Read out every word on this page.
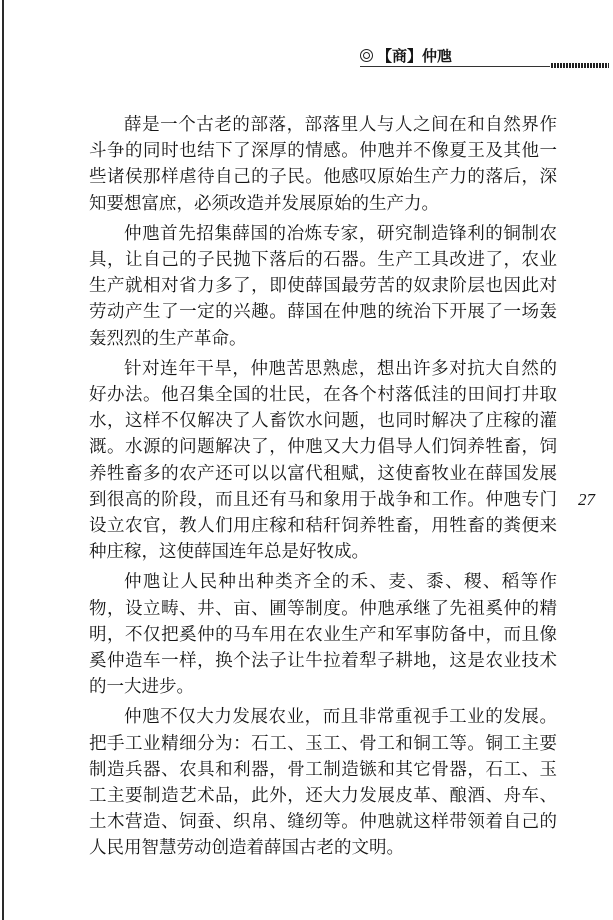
【商】仲虺

薛是一个古老的部落，部落里人与人之间在和自然界作斗争的同时也结下了深厚的情感。仲虺并不像夏王及其他一些诸侯那样虐待自己的子民。他感叹原始生产力的落后，深知要想富庶，必须改造并发展原始的生产力。

仲虺首先招集薛国的冶炼专家，研究制造锋利的铜制农具，让自己的子民抛下落后的石器。生产工具改进了，农业生产就相对省力多了，即使薛国最劳苦的奴隶阶层也因此对劳动产生了一定的兴趣。薛国在仲虺的统治下开展了一场轰轰烈烈的生产革命。

针对连年干旱，仲虺苦思熟虑，想出许多对抗大自然的好办法。他召集全国的壮民，在各个村落低洼的田间打井取水，这样不仅解决了人畜饮水问题，也同时解决了庄稼的灌溉。水源的问题解决了，仲虺又大力倡导人们饲养牲畜，饲养牲畜多的农产还可以以富代租赋，这使畜牧业在薛国发展到很高的阶段，而且还有马和象用于战争和工作。仲虺专门设立农官，教人们用庄稼和秸秆饲养牲畜，用牲畜的粪便来种庄稼，这使薛国连年总是好牧成。

仲虺让人民种出种类齐全的禾、麦、黍、稷、稻等作物，设立畴、井、亩、圃等制度。仲虺承继了先祖奚仲的精明，不仅把奚仲的马车用在农业生产和军事防备中，而且像奚仲造车一样，换个法子让牛拉着犁子耕地，这是农业技术的一大进步。

仲虺不仅大力发展农业，而且非常重视手工业的发展。把手工业精细分为：石工、玉工、骨工和铜工等。铜工主要制造兵器、农具和利器，骨工制造镞和其它骨器，石工、玉工主要制造艺术品，此外，还大力发展皮革、酿酒、舟车、土木营造、饲蚕、织帛、缝纫等。仲虺就这样带领着自己的人民用智慧劳动创造着薛国古老的文明。

27
